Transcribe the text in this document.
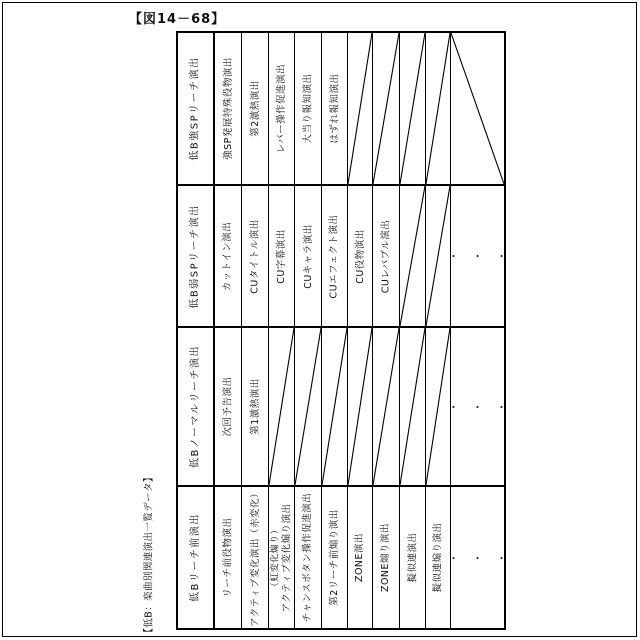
【図14－68】
【低B：楽曲別関連演出一覧データ】
低B強SPリーチ演出 強SP発展特殊役物演出 第2激熱演出 レバー操作促進演出 大当り報知演出 はずれ報知演出
低B弱SPリーチ演出 カットイン演出 CUタイトル演出 CU字幕演出 CUキャラ演出 CUエフェクト演出 CU役物演出 CUレバブル演出	・・・
低Bノーマルリーチ演出 次回予告演出 第1激熱演出	・・・
低Bリーチ前演出 リーチ前役物演出 アクティブ変化演出（赤変化） （虹変化煽り） アクティブ変化煽り演出 チャンスボタン操作促進演出 第2リーチ前煽り演出 ZONE演出 ZONE煽り演出 擬似連演出 擬似連煽り演出 ・・・
